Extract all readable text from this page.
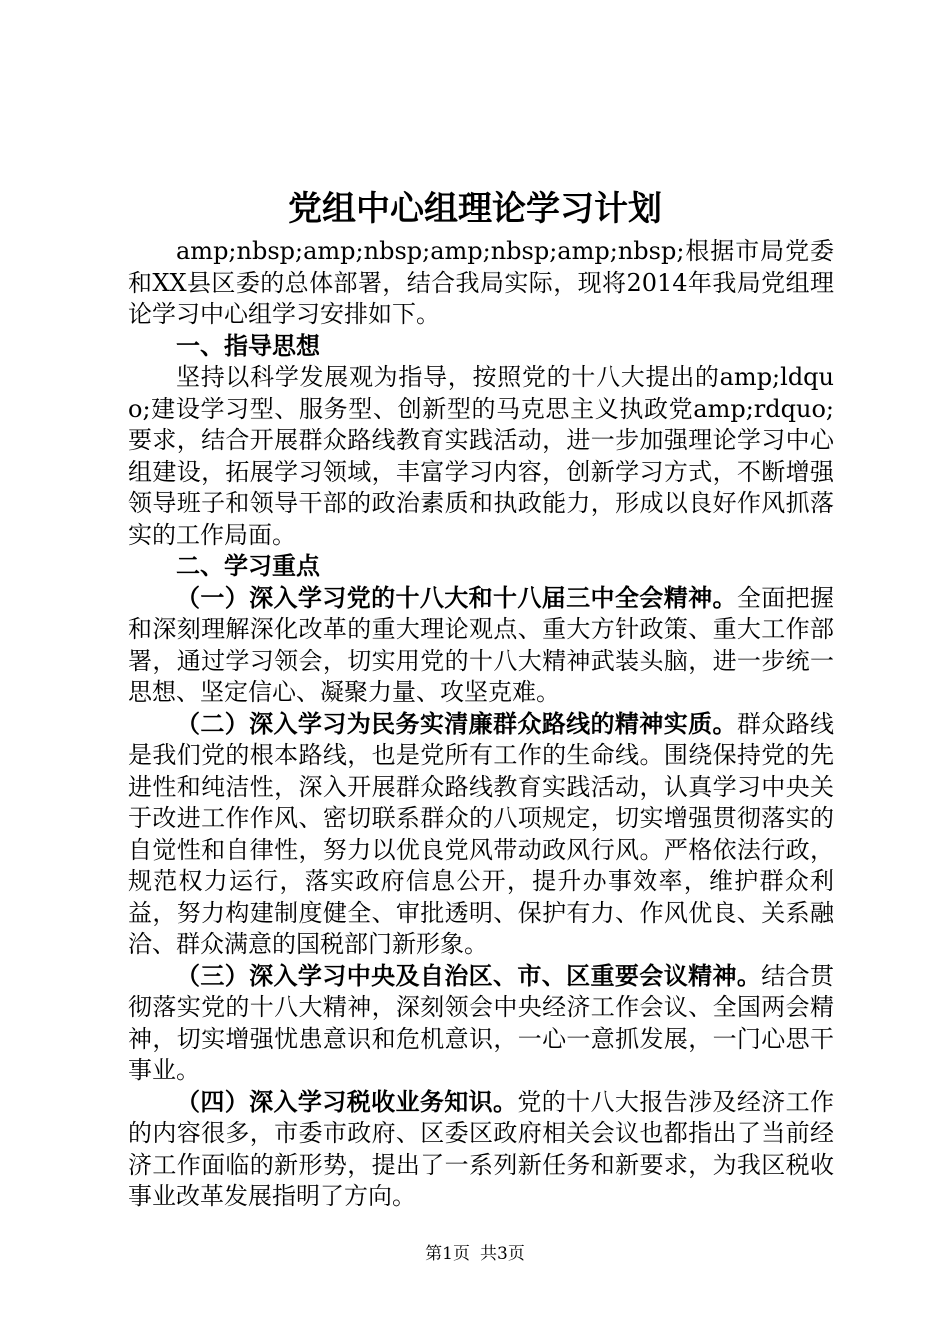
党组中心组理论学习计划

amp;nbsp;amp;nbsp;amp;nbsp;amp;nbsp;根据市局党委和XX县区委的总体部署，结合我局实际，现将2014年我局党组理论学习中心组学习安排如下。

一、指导思想

坚持以科学发展观为指导，按照党的十八大提出的amp;ldquo;建设学习型、服务型、创新型的马克思主义执政党amp;rdquo;要求，结合开展群众路线教育实践活动，进一步加强理论学习中心组建设，拓展学习领域，丰富学习内容，创新学习方式，不断增强领导班子和领导干部的政治素质和执政能力，形成以良好作风抓落实的工作局面。

二、学习重点

（一）深入学习党的十八大和十八届三中全会精神。全面把握和深刻理解深化改革的重大理论观点、重大方针政策、重大工作部署，通过学习领会，切实用党的十八大精神武装头脑，进一步统一思想、坚定信心、凝聚力量、攻坚克难。

（二）深入学习为民务实清廉群众路线的精神实质。群众路线是我们党的根本路线，也是党所有工作的生命线。围绕保持党的先进性和纯洁性，深入开展群众路线教育实践活动，认真学习中央关于改进工作作风、密切联系群众的八项规定，切实增强贯彻落实的自觉性和自律性，努力以优良党风带动政风行风。严格依法行政，规范权力运行，落实政府信息公开，提升办事效率，维护群众利益，努力构建制度健全、审批透明、保护有力、作风优良、关系融洽、群众满意的国税部门新形象。

（三）深入学习中央及自治区、市、区重要会议精神。结合贯彻落实党的十八大精神，深刻领会中央经济工作会议、全国两会精神，切实增强忧患意识和危机意识，一心一意抓发展，一门心思干事业。

（四）深入学习税收业务知识。党的十八大报告涉及经济工作的内容很多，市委市政府、区委区政府相关会议也都指出了当前经济工作面临的新形势，提出了一系列新任务和新要求，为我区税收事业改革发展指明了方向。

第1页 共3页
